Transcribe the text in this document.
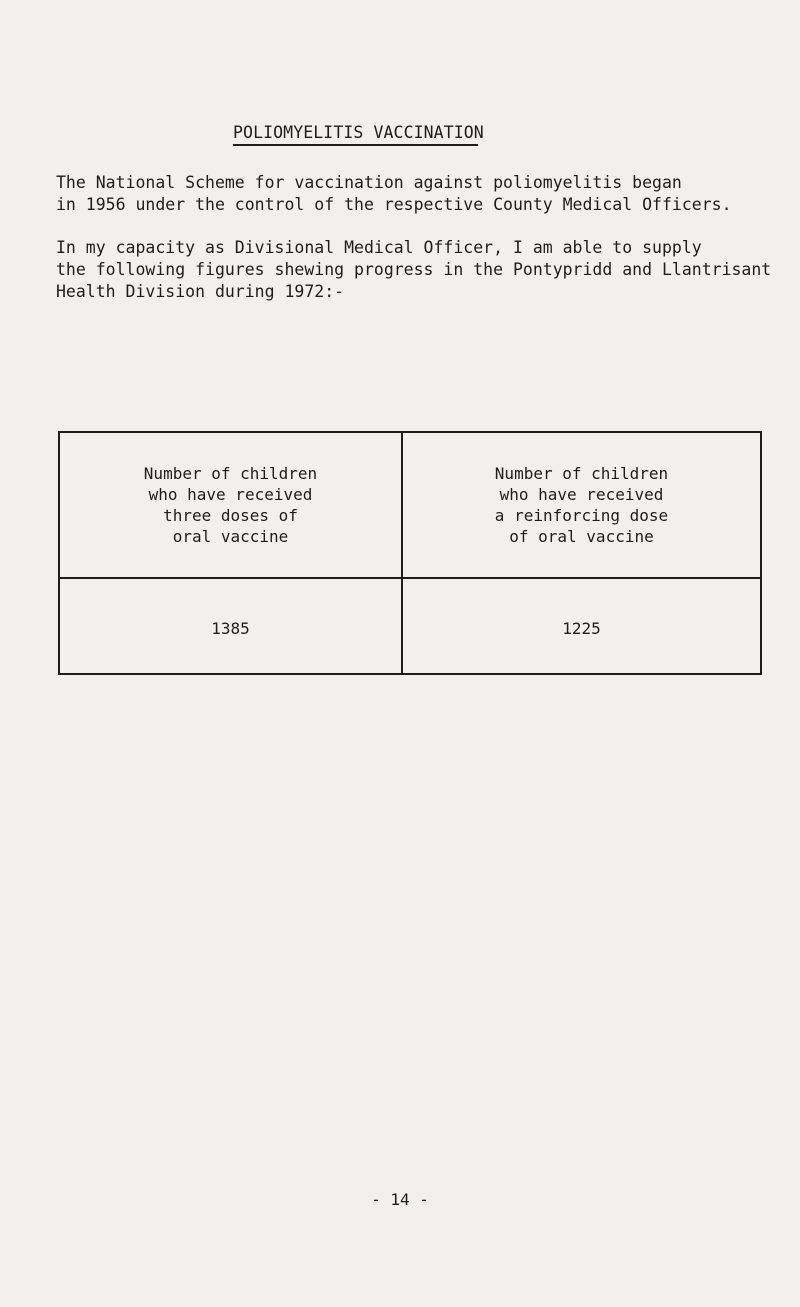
POLIOMYELITIS VACCINATION
The National Scheme for vaccination against poliomyelitis began
in 1956 under the control of the respective County Medical Officers.
In my capacity as Divisional Medical Officer, I am able to supply
the following figures shewing progress in the Pontypridd and Llantrisant
Health Division during 1972:-
Number of children
who have received
three doses of
oral vaccine
Number of children
who have received
a reinforcing dose
of oral vaccine
1385	1225
- 14 -
